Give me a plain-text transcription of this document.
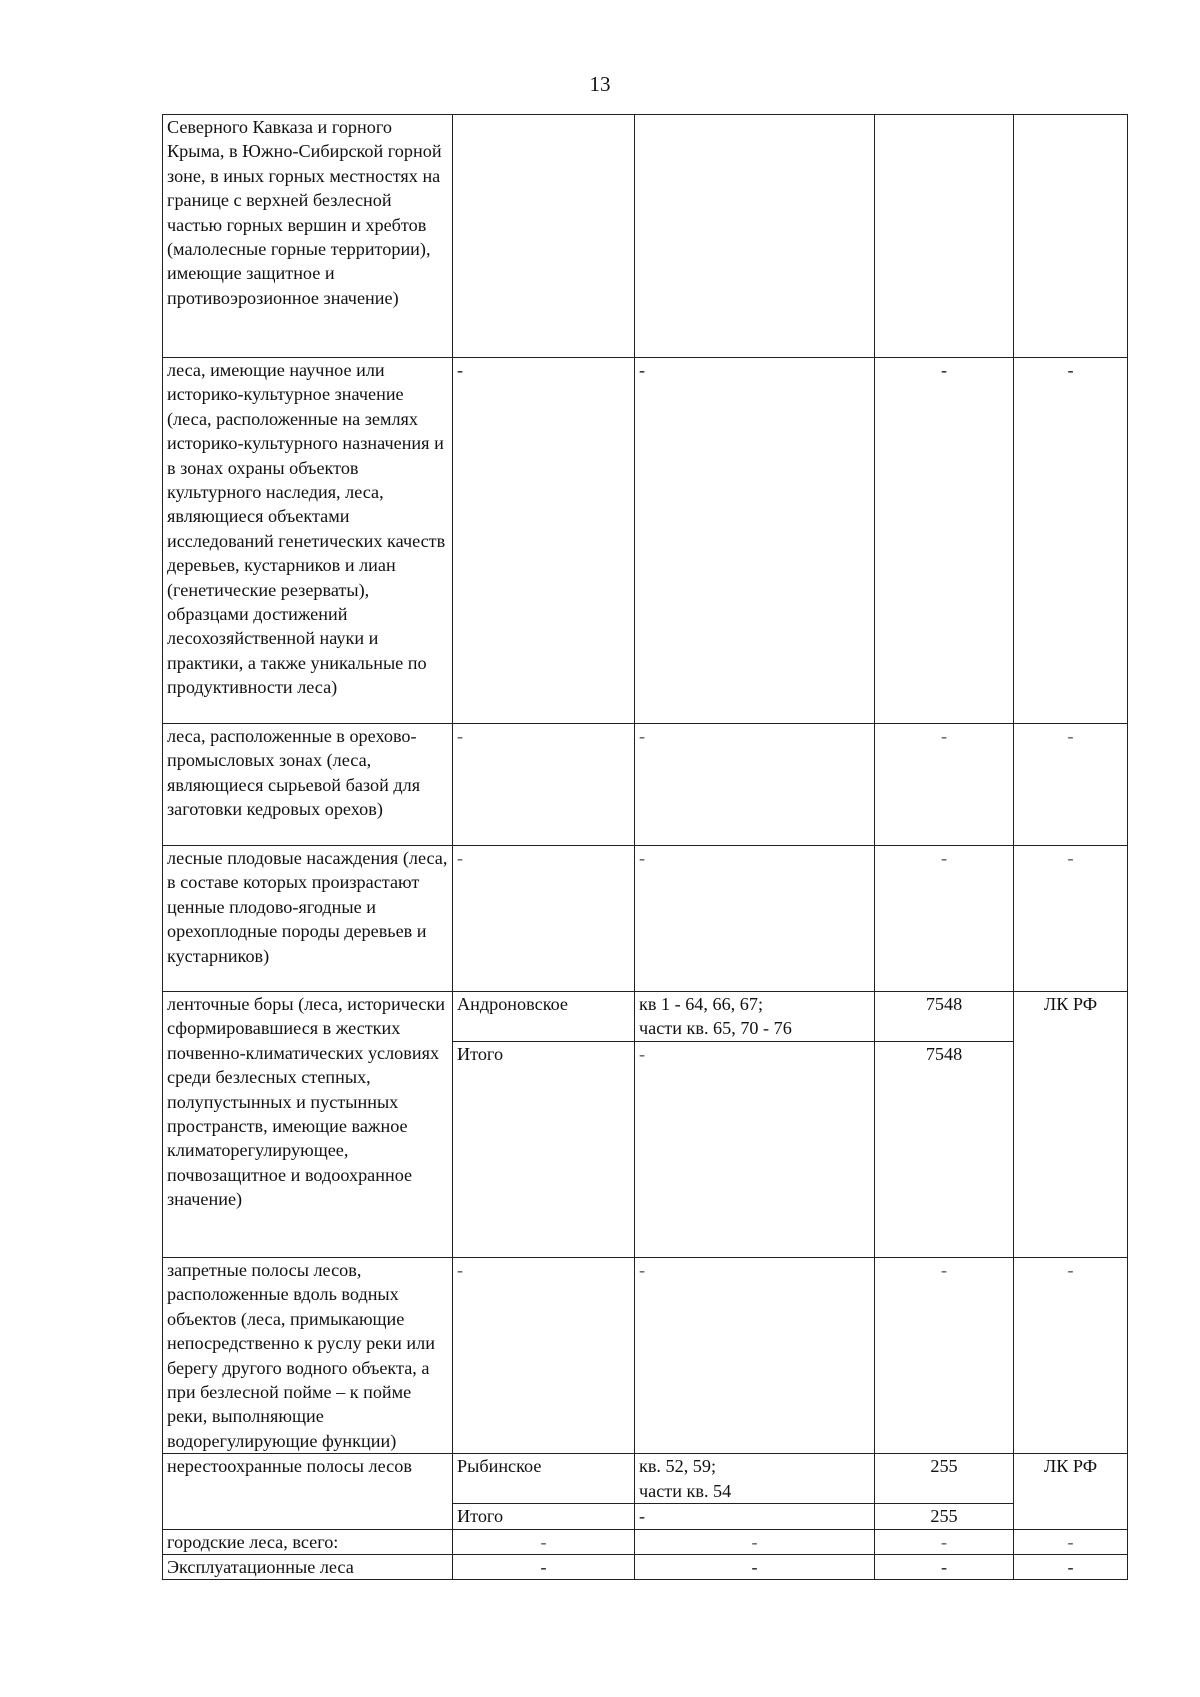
13
Северного Кавказа и горного Крыма, в Южно-Сибирской горной зоне, в иных горных местностях на границе с верхней безлесной частью горных вершин и хребтов (малолесные горные территории), имеющие защитное и противоэрозионное значение)				
леса, имеющие научное или историко-культурное значение (леса, расположенные на землях историко-культурного назначения и в зонах охраны объектов культурного наследия, леса, являющиеся объектами исследований генетических качеств деревьев, кустарников и лиан (генетические резерваты), образцами достижений лесохозяйственной науки и практики, а также уникальные по продуктивности леса)	-	-	-	-
леса, расположенные в орехово-промысловых зонах (леса, являющиеся сырьевой базой для заготовки кедровых орехов)	-	-	-	-
лесные плодовые насаждения (леса, в составе которых произрастают ценные плодово-ягодные и орехоплодные породы деревьев и кустарников)	-	-	-	-
ленточные боры (леса, исторически сформировавшиеся в жестких почвенно-климатических условиях среди безлесных степных, полупустынных и пустынных пространств, имеющие важное климаторегулирующее, почвозащитное и водоохранное значение)	Андроновское	кв 1 - 64, 66, 67;
части кв. 65, 70 - 76	7548	ЛК РФ
	Итого	-	7548	
запретные полосы лесов, расположенные вдоль водных объектов (леса, примыкающие непосредственно к руслу реки или берегу другого водного объекта, а при безлесной пойме – к пойме реки, выполняющие водорегулирующие функции)	-	-	-	-
нерестоохранные полосы лесов	Рыбинское	кв. 52, 59;
части кв. 54	255	ЛК РФ
	Итого	-	255	
городские леса, всего:	-	-	-	-
Эксплуатационные леса	-	-	-	-
